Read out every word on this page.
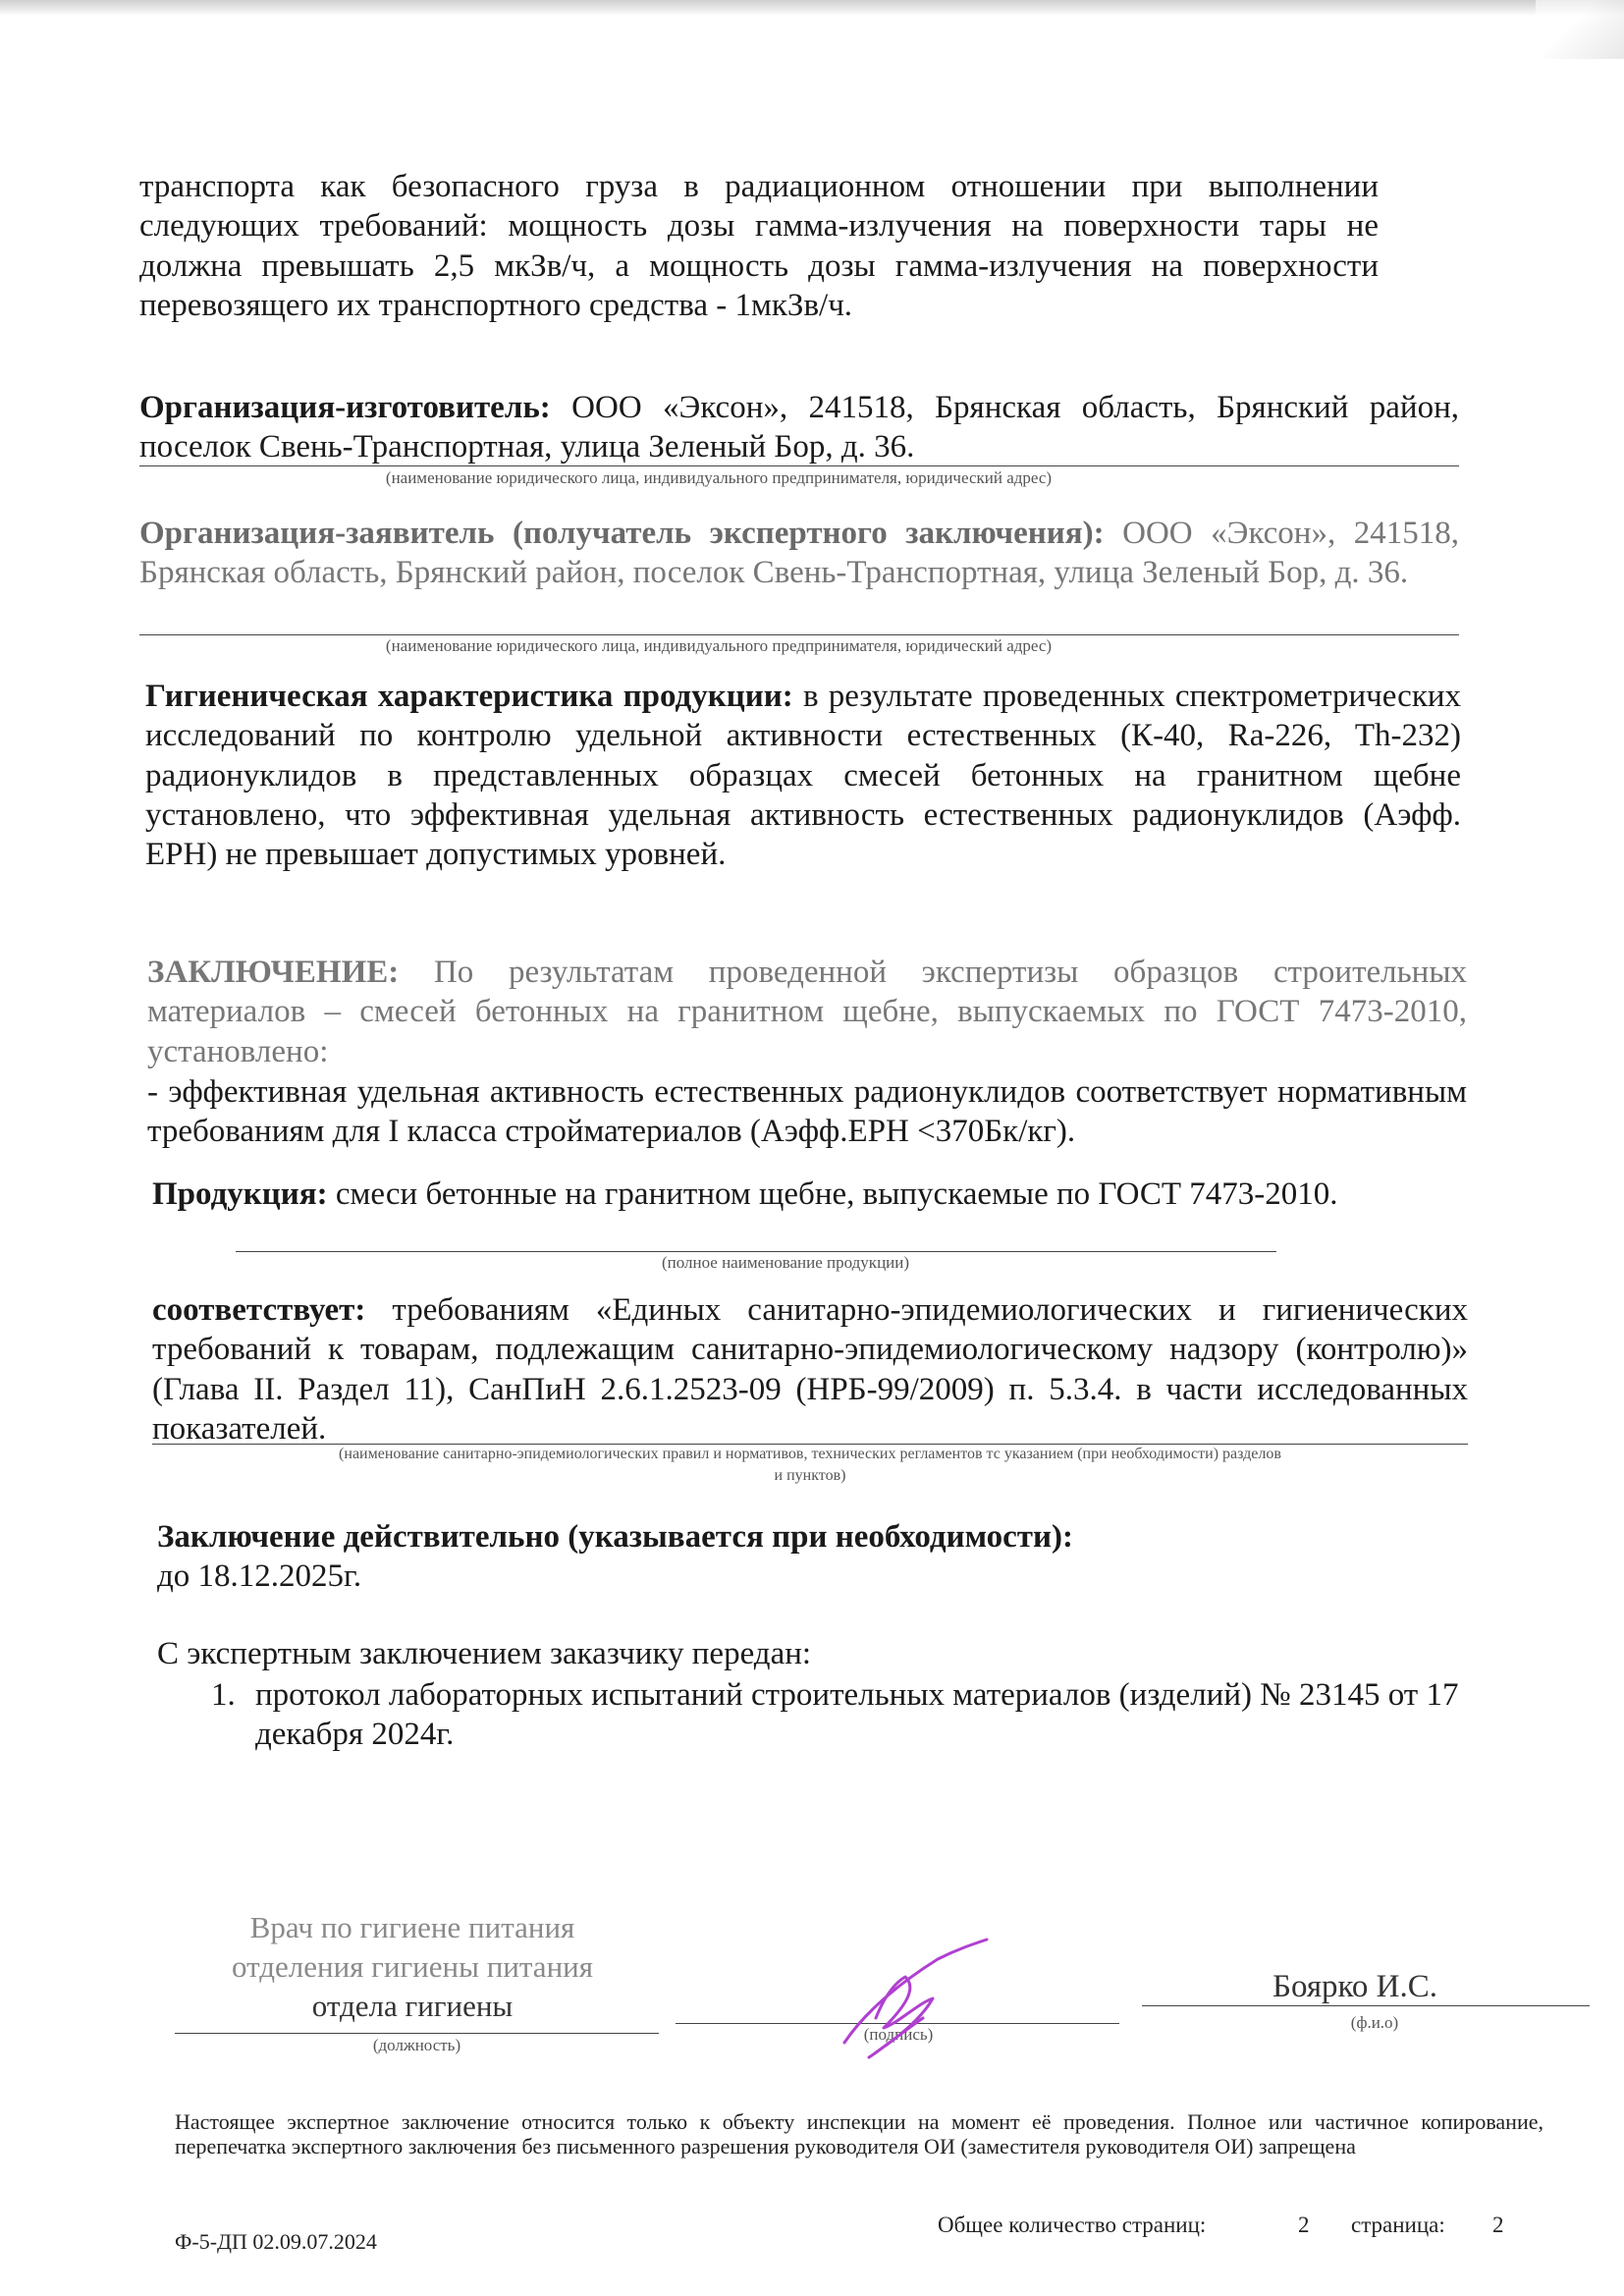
транспорта как безопасного груза в радиационном отношении при выполнении следующих требований: мощность дозы гамма-излучения на поверхности тары не должна превышать 2,5 мкЗв/ч, а мощность дозы гамма-излучения на поверхности перевозящего их транспортного средства - 1мкЗв/ч.
Организация-изготовитель: ООО «Эксон», 241518, Брянская область, Брянский район, поселок Свень-Транспортная, улица Зеленый Бор, д. 36.
(наименование юридического лица, индивидуального предпринимателя, юридический адрес)
Организация-заявитель (получатель экспертного заключения): ООО «Эксон», 241518, Брянская область, Брянский район, поселок Свень-Транспортная, улица Зеленый Бор, д. 36.
(наименование юридического лица, индивидуального предпринимателя, юридический адрес)
Гигиеническая характеристика продукции: в результате проведенных спектрометрических исследований по контролю удельной активности естественных (К-40, Ra-226, Th-232) радионуклидов в представленных образцах смесей бетонных на гранитном щебне установлено, что эффективная удельная активность естественных радионуклидов (Аэфф. ЕРН) не превышает допустимых уровней.
ЗАКЛЮЧЕНИЕ: По результатам проведенной экспертизы образцов строительных материалов – смесей бетонных на гранитном щебне, выпускаемых по ГОСТ 7473-2010, установлено:
- эффективная удельная активность естественных радионуклидов соответствует нормативным требованиям для I класса стройматериалов (Аэфф.ЕРН <370Бк/кг).
Продукция: смеси бетонные на гранитном щебне, выпускаемые по ГОСТ 7473-2010.
(полное наименование продукции)
соответствует: требованиям «Единых санитарно-эпидемиологических и гигиенических требований к товарам, подлежащим санитарно-эпидемиологическому надзору (контролю)» (Глава II. Раздел 11), СанПиН 2.6.1.2523-09 (НРБ-99/2009) п. 5.3.4. в части исследованных показателей.
(наименование санитарно-эпидемиологических правил и нормативов, технических регламентов тс указанием (при необходимости) разделов
и пунктов)
Заключение действительно (указывается при необходимости):
до 18.12.2025г.
С экспертным заключением заказчику передан:
1. протокол лабораторных испытаний строительных материалов (изделий) № 23145 от 17 декабря 2024г.
Врач по гигиене питания
отделения гигиены питания
отдела гигиены
(должность)
(подпись)
Боярко И.С.
(ф.и.о)
Настоящее экспертное заключение относится только к объекту инспекции на момент её проведения. Полное или частичное копирование, перепечатка экспертного заключения без письменного разрешения руководителя ОИ (заместителя руководителя ОИ) запрещена
Ф-5-ДП 02.09.07.2024
Общее количество страниц:	2 страница: 2
